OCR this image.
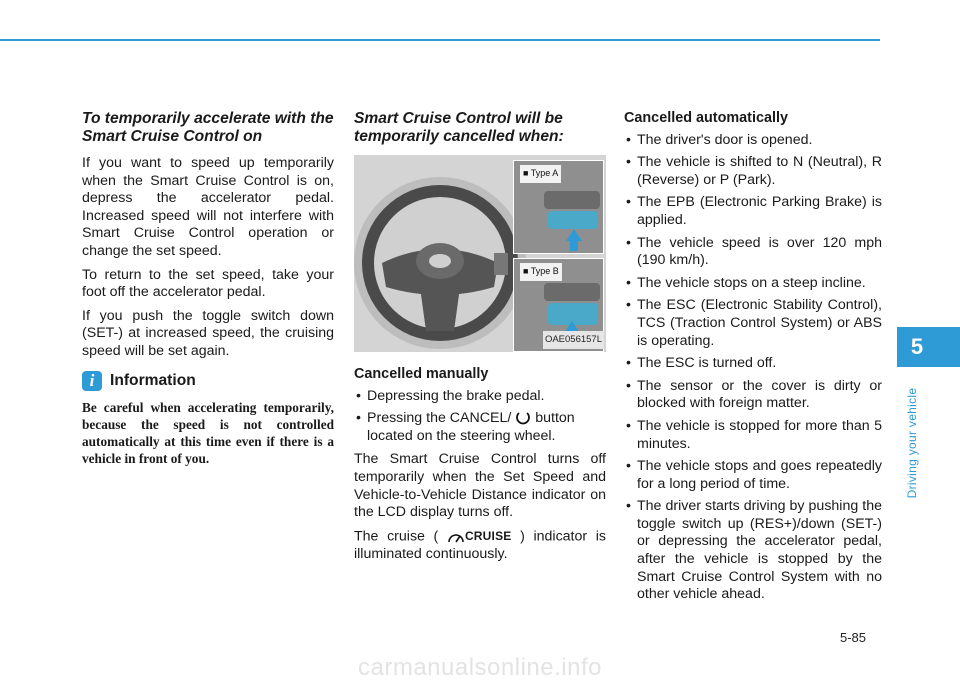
To temporarily accelerate with the Smart Cruise Control on

If you want to speed up temporarily when the Smart Cruise Control is on, depress the accelerator pedal. Increased speed will not interfere with Smart Cruise Control operation or change the set speed.

To return to the set speed, take your foot off the accelerator pedal.

If you push the toggle switch down (SET-) at increased speed, the cruising speed will be set again.

i	Information
Be careful when accelerating temporarily, because the speed is not controlled automatically at this time even if there is a vehicle in front of you.
Smart Cruise Control will be temporarily cancelled when:
■ Type A
■ Type B
OAE056157L
Cancelled manually
• Depressing the brake pedal.
• Pressing the CANCEL/ button located on the steering wheel.

The Smart Cruise Control turns off temporarily when the Set Speed and Vehicle-to-Vehicle Distance indicator on the LCD display turns off.

The cruise ( CRUISE ) indicator is illuminated continuously.

Cancelled automatically
• The driver's door is opened.
• The vehicle is shifted to N (Neutral), R (Reverse) or P (Park).
• The EPB (Electronic Parking Brake) is applied.
• The vehicle speed is over 120 mph (190 km/h).
• The vehicle stops on a steep incline.
• The ESC (Electronic Stability Control), TCS (Traction Control System) or ABS is operating.
• The ESC is turned off.
• The sensor or the cover is dirty or blocked with foreign matter.
• The vehicle is stopped for more than 5 minutes.
• The vehicle stops and goes repeatedly for a long period of time.
• The driver starts driving by pushing the toggle switch up (RES+)/down (SET-) or depressing the accelerator pedal, after the vehicle is stopped by the Smart Cruise Control System with no other vehicle ahead.
5
Driving your vehicle
5-85
carmanualsonline.info
